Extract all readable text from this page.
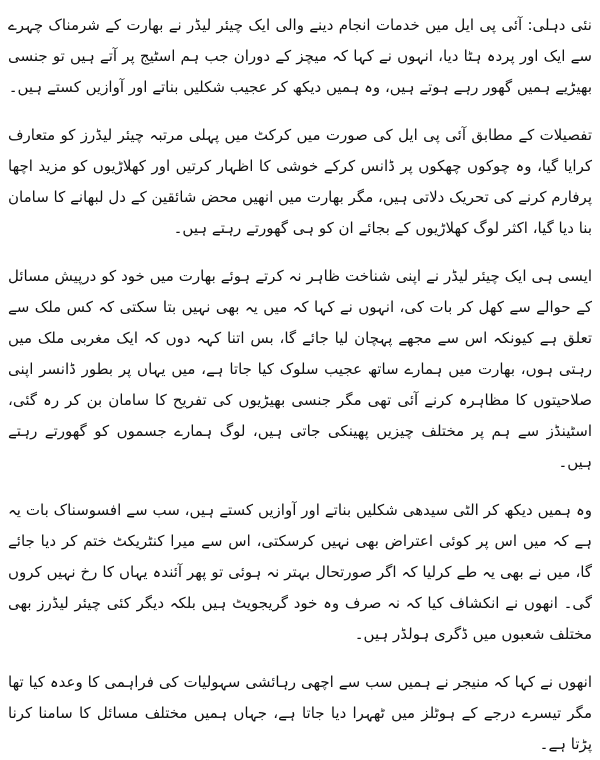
نئی دہلی: آئی پی ایل میں خدمات انجام دینے والی ایک چیئر لیڈر نے بھارت کے شرمناک چہرے سے ایک اور پردہ ہٹا دیا، انہوں نے کہا کہ میچز کے دوران جب ہم اسٹیج پر آتے ہیں تو جنسی بھیڑیے ہمیں گھور رہے ہوتے ہیں، وہ ہمیں دیکھ کر عجیب شکلیں بناتے اور آوازیں کستے ہیں۔

تفصیلات کے مطابق آئی پی ایل کی صورت میں کرکٹ میں پہلی مرتبہ چیئر لیڈرز کو متعارف کرایا گیا، وہ چوکوں چھکوں پر ڈانس کرکے خوشی کا اظہار کرتیں اور کھلاڑیوں کو مزید اچھا پرفارم کرنے کی تحریک دلاتی ہیں، مگر بھارت میں انھیں محض شائقین کے دل لبھانے کا سامان بنا دیا گیا، اکثر لوگ کھلاڑیوں کے بجائے ان کو ہی گھورتے رہتے ہیں۔

ایسی ہی ایک چیئر لیڈر نے اپنی شناخت ظاہر نہ کرتے ہوئے بھارت میں خود کو درپیش مسائل کے حوالے سے کھل کر بات کی، انہوں نے کہا کہ میں یہ بھی نہیں بتا سکتی کہ کس ملک سے تعلق ہے کیونکہ اس سے مجھے پہچان لیا جائے گا، بس اتنا کہہ دوں کہ ایک مغربی ملک میں رہتی ہوں، بھارت میں ہمارے ساتھ عجیب سلوک کیا جاتا ہے، میں یہاں پر بطور ڈانسر اپنی صلاحیتوں کا مظاہرہ کرنے آئی تھی مگر جنسی بھیڑیوں کی تفریح کا سامان بن کر رہ گئی، اسٹینڈز سے ہم پر مختلف چیزیں پھینکی جاتی ہیں، لوگ ہمارے جسموں کو گھورتے رہتے ہیں۔

وہ ہمیں دیکھ کر الٹی سیدھی شکلیں بناتے اور آوازیں کستے ہیں، سب سے افسوسناک بات یہ ہے کہ میں اس پر کوئی اعتراض بھی نہیں کرسکتی، اس سے میرا کنٹریکٹ ختم کر دیا جائے گا، میں نے بھی یہ طے کرلیا کہ اگر صورتحال بہتر نہ ہوئی تو پھر آئندہ یہاں کا رخ نہیں کروں گی۔ انھوں نے انکشاف کیا کہ نہ صرف وہ خود گریجویٹ ہیں بلکہ دیگر کئی چیئر لیڈرز بھی مختلف شعبوں میں ڈگری ہولڈر ہیں۔

انھوں نے کہا کہ منیجر نے ہمیں سب سے اچھی رہائشی سہولیات کی فراہمی کا وعدہ کیا تھا مگر تیسرے درجے کے ہوٹلز میں ٹھہرا دیا جاتا ہے، جہاں ہمیں مختلف مسائل کا سامنا کرنا پڑتا ہے۔
